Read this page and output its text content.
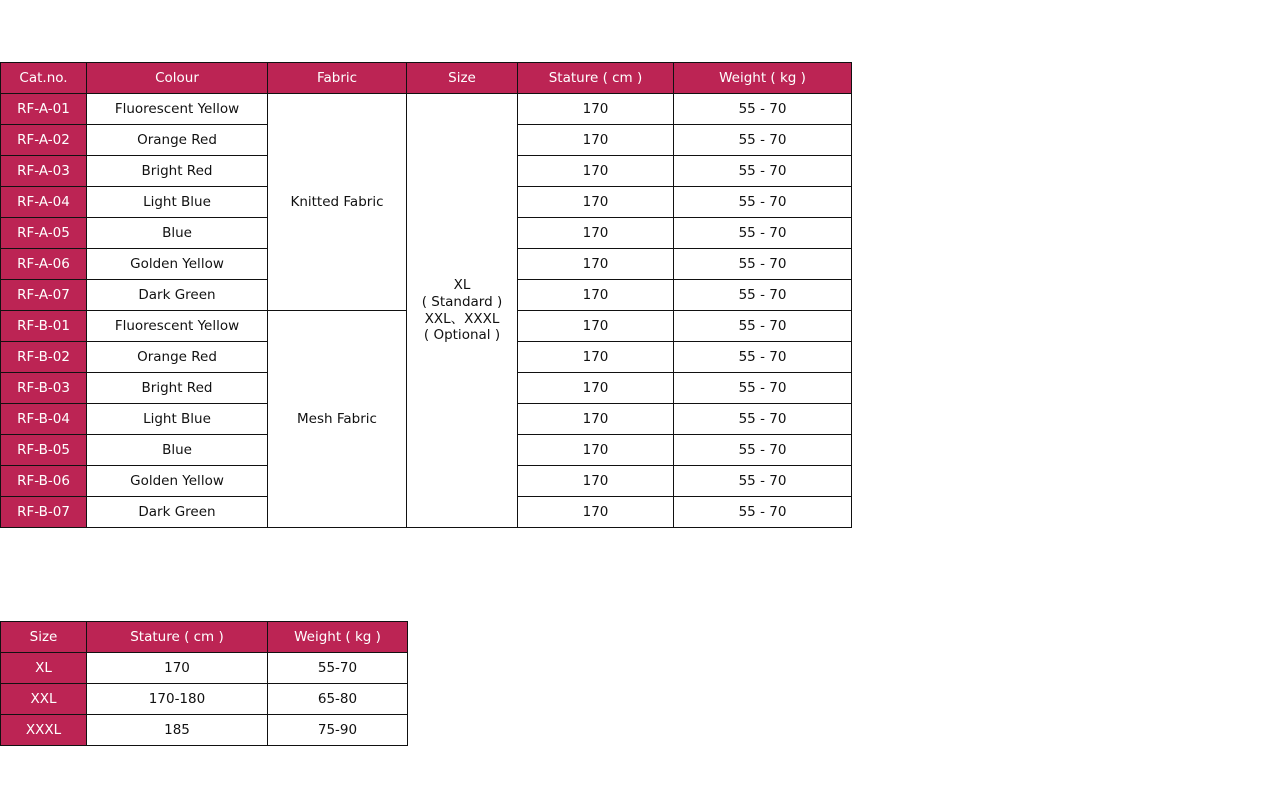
Cat.no.	Colour	Fabric	Size	Stature ( cm )	Weight ( kg )
RF-A-01	Fluorescent Yellow	Knitted Fabric	XL
( Standard )
XXL、XXXL
( Optional )	170	55 - 70
RF-A-02	Orange Red			170	55 - 70
RF-A-03	Bright Red			170	55 - 70
RF-A-04	Light Blue			170	55 - 70
RF-A-05	Blue			170	55 - 70
RF-A-06	Golden Yellow			170	55 - 70
RF-A-07	Dark Green			170	55 - 70
RF-B-01	Fluorescent Yellow	Mesh Fabric		170	55 - 70
RF-B-02	Orange Red			170	55 - 70
RF-B-03	Bright Red			170	55 - 70
RF-B-04	Light Blue			170	55 - 70
RF-B-05	Blue			170	55 - 70
RF-B-06	Golden Yellow			170	55 - 70
RF-B-07	Dark Green			170	55 - 70
Size	Stature ( cm )	Weight ( kg )
XL	170	55-70
XXL	170-180	65-80
XXXL	185	75-90
